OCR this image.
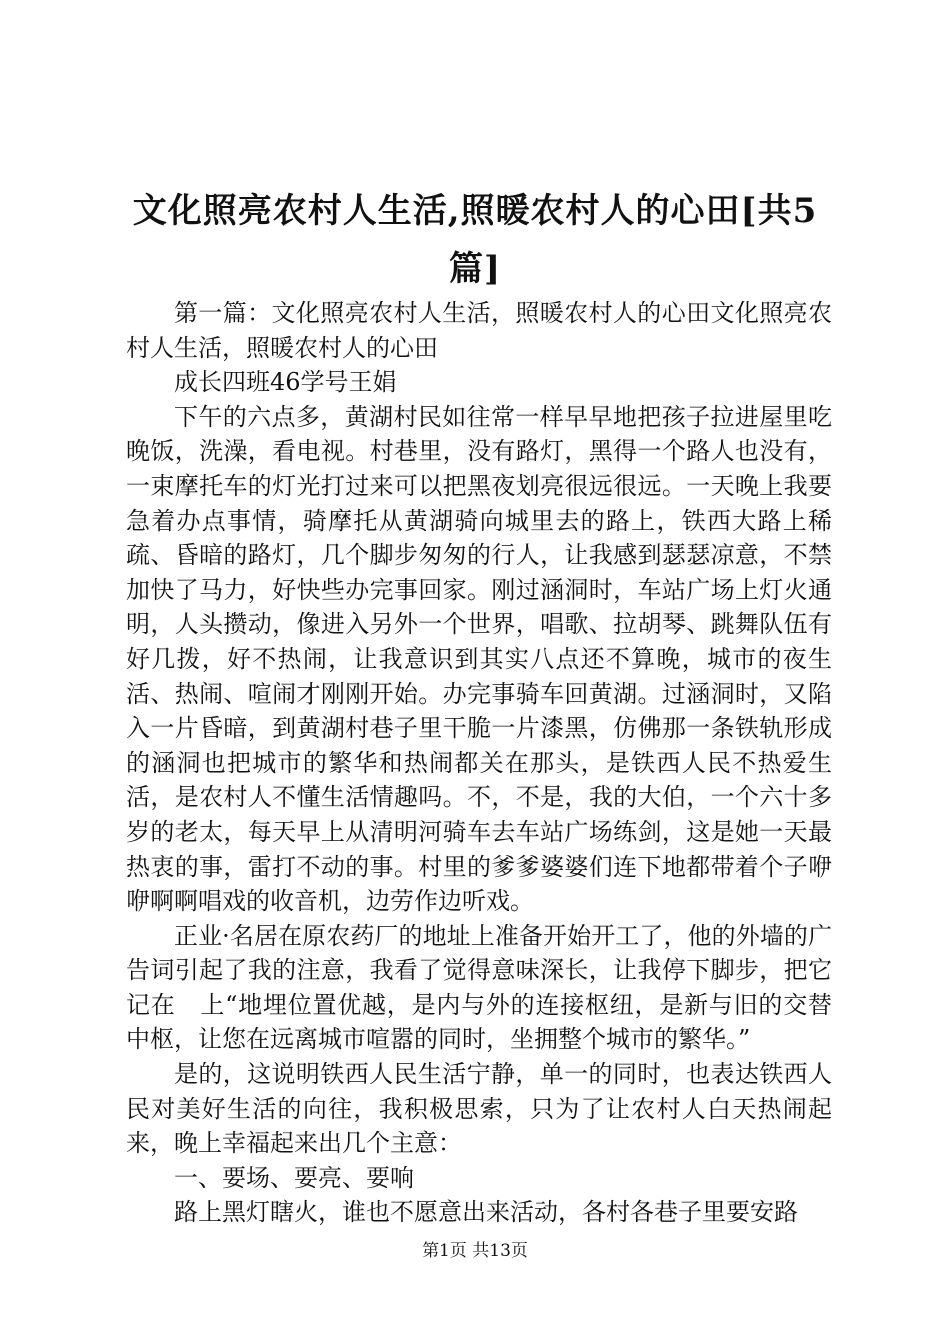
文化照亮农村人生活,照暖农村人的心田[共5篇]

第一篇：文化照亮农村人生活，照暖农村人的心田文化照亮农村人生活，照暖农村人的心田

成长四班46学号王娟

下午的六点多，黄湖村民如往常一样早早地把孩子拉进屋里吃晚饭，洗澡，看电视。村巷里，没有路灯，黑得一个路人也没有，一束摩托车的灯光打过来可以把黑夜划亮很远很远。一天晚上我要急着办点事情，骑摩托从黄湖骑向城里去的路上，铁西大路上稀疏、昏暗的路灯，几个脚步匆匆的行人，让我感到瑟瑟凉意，不禁加快了马力，好快些办完事回家。刚过涵洞时，车站广场上灯火通明，人头攒动，像进入另外一个世界，唱歌、拉胡琴、跳舞队伍有好几拨，好不热闹，让我意识到其实八点还不算晚，城市的夜生活、热闹、喧闹才刚刚开始。办完事骑车回黄湖。过涵洞时，又陷入一片昏暗，到黄湖村巷子里干脆一片漆黑，仿佛那一条铁轨形成的涵洞也把城市的繁华和热闹都关在那头，是铁西人民不热爱生活，是农村人不懂生活情趣吗。不，不是，我的大伯，一个六十多岁的老太，每天早上从清明河骑车去车站广场练剑，这是她一天最热衷的事，雷打不动的事。村里的爹爹婆婆们连下地都带着个子咿咿啊啊唱戏的收音机，边劳作边听戏。

正业·名居在原农药厂的地址上准备开始开工了，他的外墙的广告词引起了我的注意，我看了觉得意味深长，让我停下脚步，把它记在　上“地埋位置优越，是内与外的连接枢纽，是新与旧的交替中枢，让您在远离城市喧嚣的同时，坐拥整个城市的繁华。”

是的，这说明铁西人民生活宁静，单一的同时，也表达铁西人民对美好生活的向往，我积极思索，只为了让农村人白天热闹起来，晚上幸福起来出几个主意：

一、要场、要亮、要响

路上黑灯瞎火，谁也不愿意出来活动，各村各巷子里要安路

第1页 共13页
